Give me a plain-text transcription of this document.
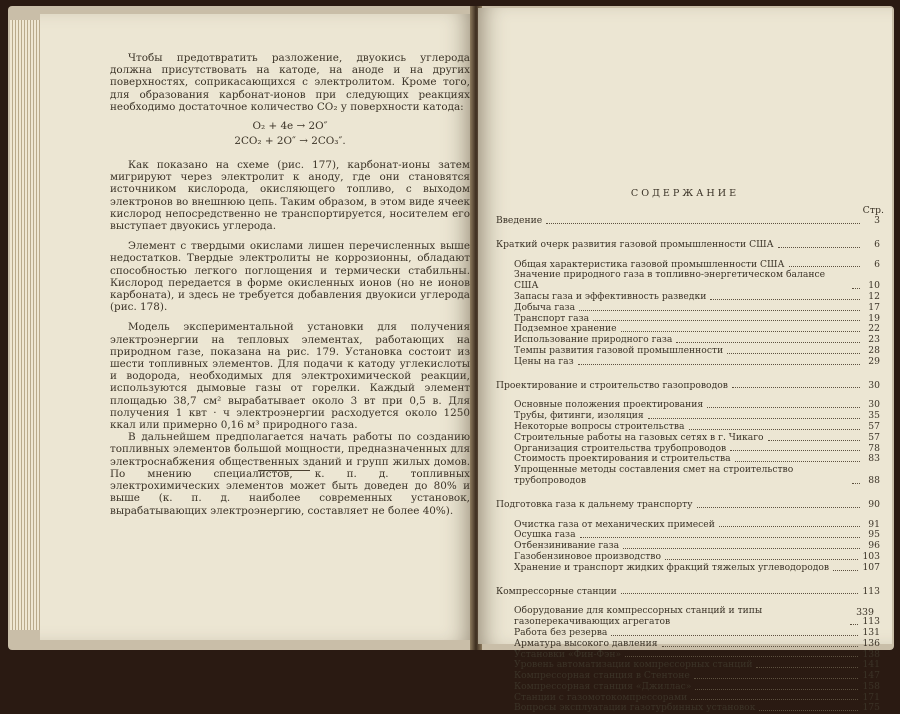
Чтобы предотвратить разложение, двуокись углерода должна присутствовать на катоде, на аноде и на других поверхностях, соприкасающихся с электролитом. Кроме того, для образования карбонат-ионов при следующих реакциях необходимо достаточное количество CO₂ у поверхности катода:

O₂ + 4e → 2O″
2CO₂ + 2O″ → 2CO₃″.

Как показано на схеме (рис. 177), карбонат-ионы затем мигрируют через электролит к аноду, где они становятся источником кислорода, окисляющего топливо, с выходом электронов во внешнюю цепь. Таким образом, в этом виде ячеек кислород непосредственно не транспортируется, носителем его выступает двуокись углерода.

Элемент с твердыми окислами лишен перечисленных выше недостатков. Твердые электролиты не коррозионны, обладают способностью легкого поглощения и термически стабильны. Кислород передается в форме окисленных ионов (но не ионов карбоната), и здесь не требуется добавления двуокиси углерода (рис. 178).

Модель экспериментальной установки для получения электроэнергии на тепловых элементах, работающих на природном газе, показана на рис. 179. Установка состоит из шести топливных элементов. Для подачи к катоду углекислоты и водорода, необходимых для электрохимической реакции, используются дымовые газы от горелки. Каждый элемент площадью 38,7 см² вырабатывает около 3 вт при 0,5 в. Для получения 1 квт · ч электроэнергии расходуется около 1250 ккал или примерно 0,16 м³ природного газа.

В дальнейшем предполагается начать работы по созданию топливных элементов большой мощности, предназначенных для электроснабжения общественных зданий и групп жилых домов. По мнению специалистов, к. п. д. топливных электрохимических элементов может быть доведен до 80% и выше (к. п. д. наиболее современных установок, вырабатывающих электроэнергию, составляет не более 40%).

СОДЕРЖАНИЕ
Стр.
Введение	3
Краткий очерк развития газовой промышленности США	6
Общая характеристика газовой промышленности США	6
Значение природного газа в топливно-энергетическом балансе США	10
Запасы газа и эффективность разведки	12
Добыча газа	17
Транспорт газа	19
Подземное хранение	22
Использование природного газа	23
Темпы развития газовой промышленности	28
Цены на газ	29
Проектирование и строительство газопроводов	30
Основные положения проектирования	30
Трубы, фитинги, изоляция	35
Некоторые вопросы строительства	57
Строительные работы на газовых сетях в г. Чикаго	57
Организация строительства трубопроводов	78
Стоимость проектирования и строительства	83
Упрощенные методы составления смет на строительство трубопроводов	88
Подготовка газа к дальнему транспорту	90
Очистка газа от механических примесей	91
Осушка газа	95
Отбензинивание газа	96
Газобензиновое производство	103
Хранение и транспорт жидких фракций тяжелых углеводородов	107
Компрессорные станции	113
Оборудование для компрессорных станций и типы газоперекачивающих агрегатов	113
Работа без резерва	131
Арматура высокого давления	136
Установки «Фин-Фэн»	138
Уровень автоматизации компрессорных станций	141
Компрессорная станция в Стентоне	147
Компрессорная станция «Джиллас»	158
Станции с газомотокомпрессорами	171
Вопросы эксплуатации газотурбинных установок	175
339
